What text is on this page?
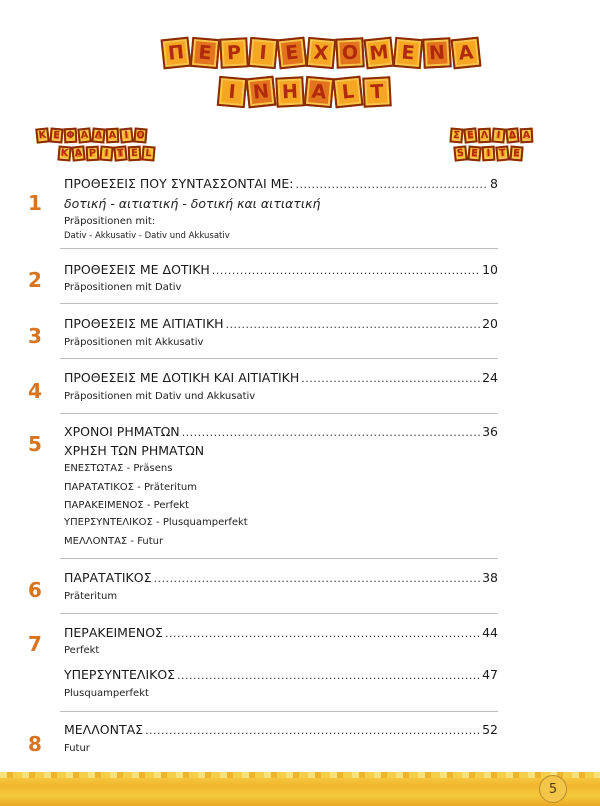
Π Ε Ρ Ι Ε Χ Ο Μ Ε Ν Α
I N H A L T
K E Φ Α Λ Α Ι Ο
K A P I T E L
Σ Ε Λ Ι Δ Α
S E I T E
1
ΠΡΟΘΕΣΕΙΣ ΠΟΥ ΣΥΝΤΑΣΣΟΝΤΑΙ ΜΕ: .....	8
δοτική - αιτιατική - δοτική και αιτιατική
Präpositionen mit:
Dativ - Akkusativ - Dativ und Akkusativ
2 ΠΡΟΘΕΣΕΙΣ ΜΕ ΔΟΤΙΚΗ .....	10
Präpositionen mit Dativ
3
ΠΡΟΘΕΣΕΙΣ ΜΕ ΑΙΤΙΑΤΙΚΗ .....	20
Präpositionen mit Akkusativ
4
ΠΡΟΘΕΣΕΙΣ ΜΕ ΔΟΤΙΚΗ ΚΑΙ ΑΙΤΙΑΤΙΚΗ .....	24
Präpositionen mit Dativ und Akkusativ
5
ΧΡΟΝΟΙ ΡΗΜΑΤΩΝ .....	36
ΧΡΗΣΗ ΤΩΝ ΡΗΜΑΤΩΝ
ΕΝΕΣΤΩΤΑΣ - Präsens
ΠΑΡΑΤΑΤΙΚΟΣ - Präteritum
ΠΑΡΑΚΕΙΜΕΝΟΣ - Perfekt
ΥΠΕΡΣΥΝΤΕΛΙΚΟΣ - Plusquamperfekt
ΜΕΛΛΟΝΤΑΣ - Futur
6
ΠΑΡΑΤΑΤΙΚΟΣ .....	38
Präteritum
7 ΠΕΡΑΚΕΙΜΕΝΟΣ .....	44
Perfekt
ΥΠΕΡΣΥΝΤΕΛΙΚΟΣ .....	47
Plusquamperfekt
8
ΜΕΛΛΟΝΤΑΣ .....	52
Futur
5
